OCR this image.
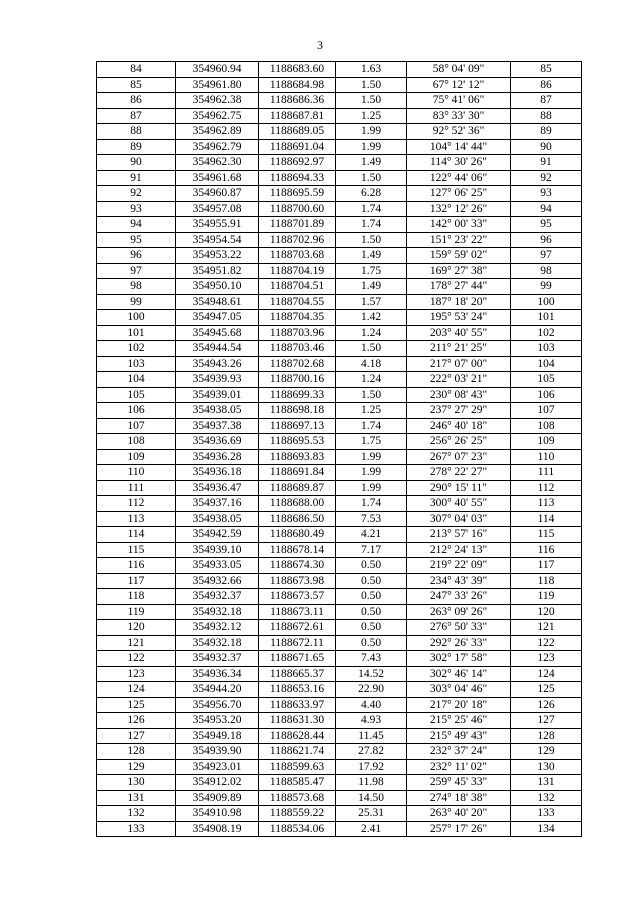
3
84	354960.94	1188683.60	1.63	58° 04' 09"	85
85	354961.80	1188684.98	1.50	67° 12' 12"	86
86	354962.38	1188686.36	1.50	75° 41' 06"	87
87	354962.75	1188687.81	1.25	83° 33' 30"	88
88	354962.89	1188689.05	1.99	92° 52' 36"	89
89	354962.79	1188691.04	1.99	104° 14' 44"	90
90	354962.30	1188692.97	1.49	114° 30' 26"	91
91	354961.68	1188694.33	1.50	122° 44' 06"	92
92	354960.87	1188695.59	6.28	127° 06' 25"	93
93	354957.08	1188700.60	1.74	132° 12' 26"	94
94	354955.91	1188701.89	1.74	142° 00' 33"	95
95	354954.54	1188702.96	1.50	151° 23' 22"	96
96	354953.22	1188703.68	1.49	159° 59' 02"	97
97	354951.82	1188704.19	1.75	169° 27' 38"	98
98	354950.10	1188704.51	1.49	178° 27' 44"	99
99	354948.61	1188704.55	1.57	187° 18' 20"	100
100	354947.05	1188704.35	1.42	195° 53' 24"	101
101	354945.68	1188703.96	1.24	203° 40' 55"	102
102	354944.54	1188703.46	1.50	211° 21' 25"	103
103	354943.26	1188702.68	4.18	217° 07' 00"	104
104	354939.93	1188700.16	1.24	222° 03' 21"	105
105	354939.01	1188699.33	1.50	230° 08' 43"	106
106	354938.05	1188698.18	1.25	237° 27' 29"	107
107	354937.38	1188697.13	1.74	246° 40' 18"	108
108	354936.69	1188695.53	1.75	256° 26' 25"	109
109	354936.28	1188693.83	1.99	267° 07' 23"	110
110	354936.18	1188691.84	1.99	278° 22' 27"	111
111	354936.47	1188689.87	1.99	290° 15' 11"	112
112	354937.16	1188688.00	1.74	300° 40' 55"	113
113	354938.05	1188686.50	7.53	307° 04' 03"	114
114	354942.59	1188680.49	4.21	213° 57' 16"	115
115	354939.10	1188678.14	7.17	212° 24' 13"	116
116	354933.05	1188674.30	0.50	219° 22' 09"	117
117	354932.66	1188673.98	0.50	234° 43' 39"	118
118	354932.37	1188673.57	0.50	247° 33' 26"	119
119	354932.18	1188673.11	0.50	263° 09' 26"	120
120	354932.12	1188672.61	0.50	276° 50' 33"	121
121	354932.18	1188672.11	0.50	292° 26' 33"	122
122	354932.37	1188671.65	7.43	302° 17' 58"	123
123	354936.34	1188665.37	14.52	302° 46' 14"	124
124	354944.20	1188653.16	22.90	303° 04' 46"	125
125	354956.70	1188633.97	4.40	217° 20' 18"	126
126	354953.20	1188631.30	4.93	215° 25' 46"	127
127	354949.18	1188628.44	11.45	215° 49' 43"	128
128	354939.90	1188621.74	27.82	232° 37' 24"	129
129	354923.01	1188599.63	17.92	232° 11' 02"	130
130	354912.02	1188585.47	11.98	259° 45' 33"	131
131	354909.89	1188573.68	14.50	274° 18' 38"	132
132	354910.98	1188559.22	25.31	263° 40' 20"	133
133	354908.19	1188534.06	2.41	257° 17' 26"	134
